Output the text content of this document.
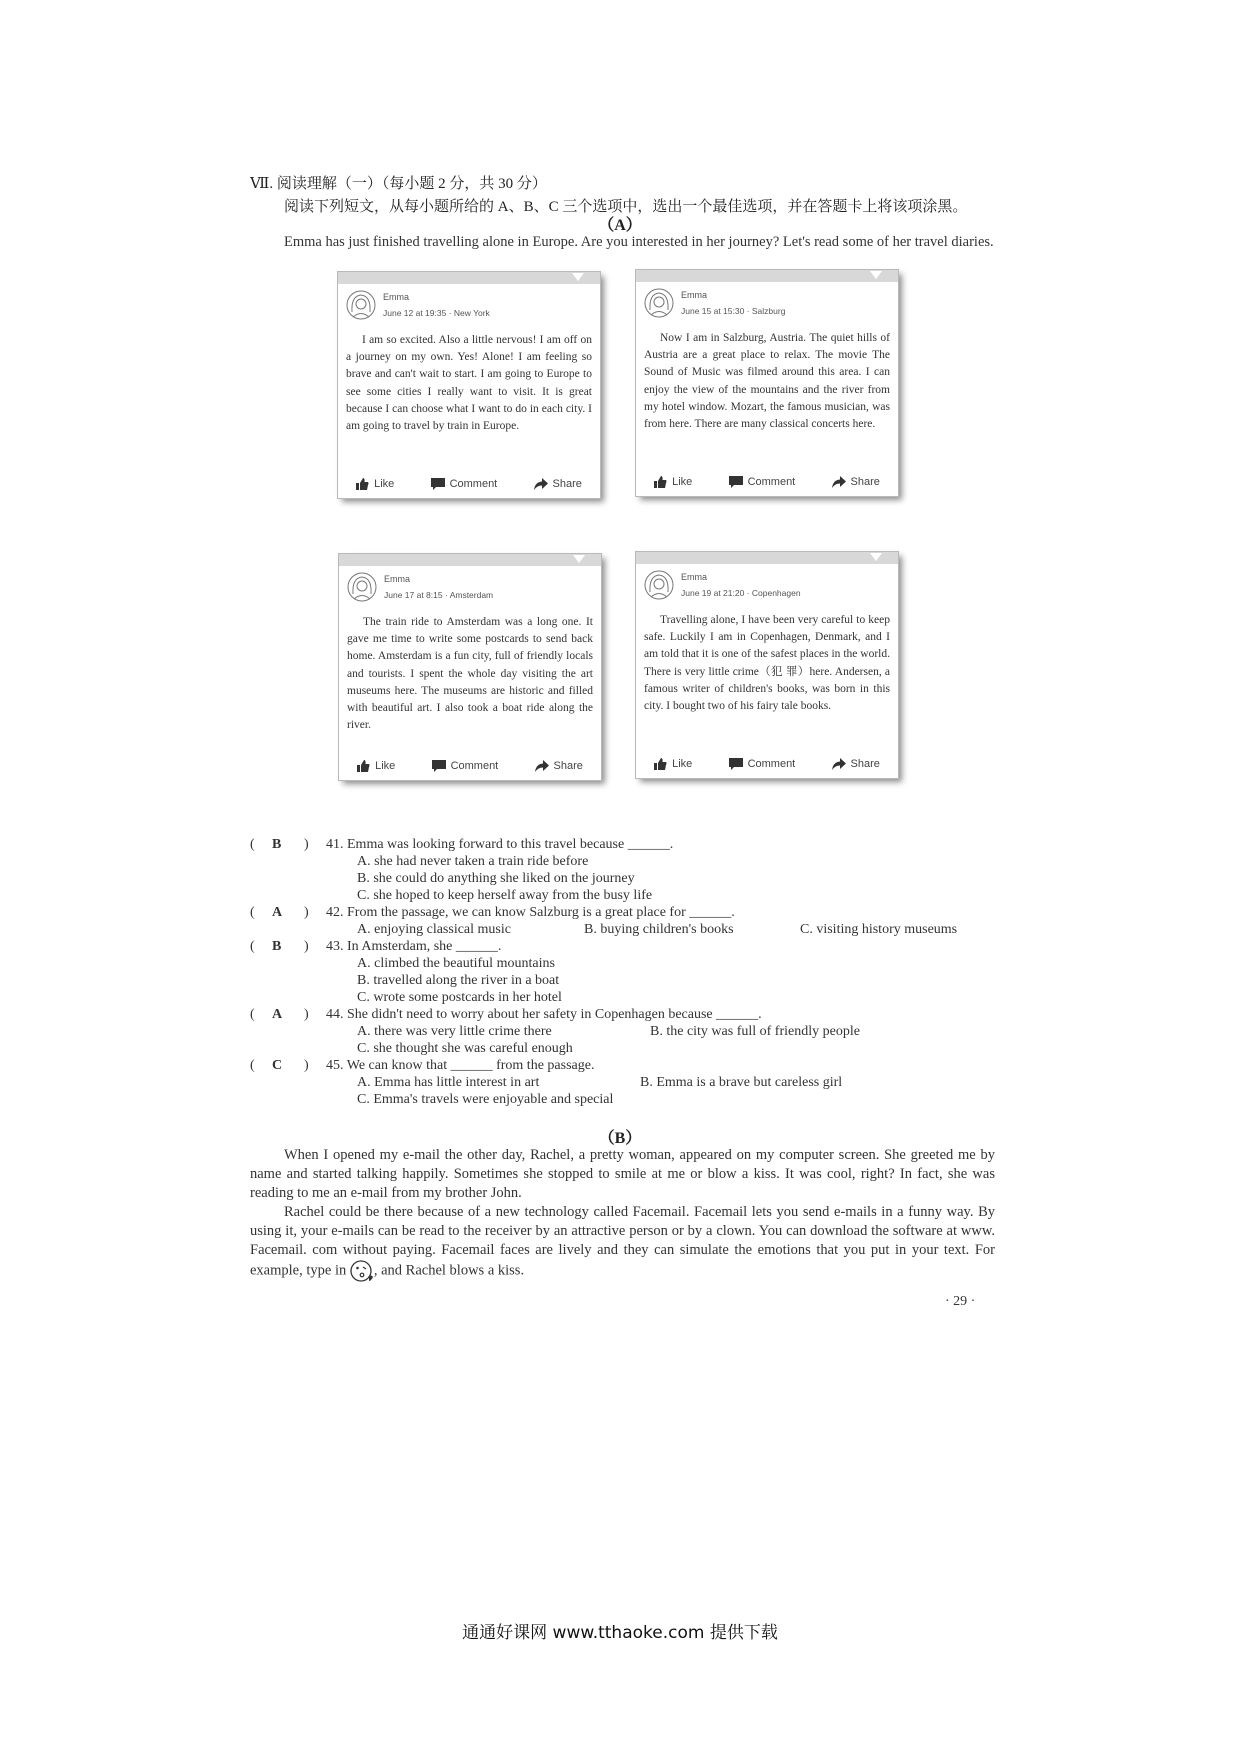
Ⅶ. 阅读理解（一）（每小题 2 分，共 30 分）
阅读下列短文，从每小题所给的 A、B、C 三个选项中，选出一个最佳选项，并在答题卡上将该项涂黑。
（A）

Emma has just finished travelling alone in Europe. Are you interested in her journey? Let's read some of her travel diaries.

Emma
June 12 at 19:35 · New York

I am so excited. Also a little nervous! I am off on a journey on my own. Yes! Alone! I am feeling so brave and can't wait to start. I am going to Europe to see some cities I really want to visit. It is great because I can choose what I want to do in each city. I am going to travel by train in Europe.

Like	Comment	Share
Emma
June 15 at 15:30 · Salzburg

Now I am in Salzburg, Austria. The quiet hills of Austria are a great place to relax. The movie The Sound of Music was filmed around this area. I can enjoy the view of the mountains and the river from my hotel window. Mozart, the famous musician, was from here. There are many classical concerts here.

Like	Comment	Share
Emma
June 17 at 8:15 · Amsterdam

The train ride to Amsterdam was a long one. It gave me time to write some postcards to send back home. Amsterdam is a fun city, full of friendly locals and tourists. I spent the whole day visiting the art museums here. The museums are historic and filled with beautiful art. I also took a boat ride along the river.

Like	Comment	Share
Emma
June 19 at 21:20 · Copenhagen

Travelling alone, I have been very careful to keep safe. Luckily I am in Copenhagen, Denmark, and I am told that it is one of the safest places in the world. There is very little crime（犯 罪）here. Andersen, a famous writer of children's books, was born in this city. I bought two of his fairy tale books.

Like	Comment	Share
( B ) 41. Emma was looking forward to this travel because ______.
A. she had never taken a train ride before
B. she could do anything she liked on the journey
C. she hoped to keep herself away from the busy life
( A ) 42. From the passage, we can know Salzburg is a great place for ______.
A. enjoying classical music	B. buying children's books	C. visiting history museums
( B ) 43. In Amsterdam, she ______.
A. climbed the beautiful mountains
B. travelled along the river in a boat
C. wrote some postcards in her hotel
( A ) 44. She didn't need to worry about her safety in Copenhagen because ______.
A. there was very little crime there	B. the city was full of friendly people
C. she thought she was careful enough
( C ) 45. We can know that ______ from the passage.
A. Emma has little interest in art	B. Emma is a brave but careless girl
C. Emma's travels were enjoyable and special
（B）

When I opened my e-mail the other day, Rachel, a pretty woman, appeared on my computer screen. She greeted me by name and started talking happily. Sometimes she stopped to smile at me or blow a kiss. It was cool, right? In fact, she was reading to me an e-mail from my brother John.

Rachel could be there because of a new technology called Facemail. Facemail lets you send e-mails in a funny way. By using it, your e-mails can be read to the receiver by an attractive person or by a clown. You can download the software at www. Facemail. com without paying. Facemail faces are lively and they can simulate the emotions that you put in your text. For example, type in , and Rachel blows a kiss.

· 29 ·
通通好课网 www.tthaoke.com 提供下载
